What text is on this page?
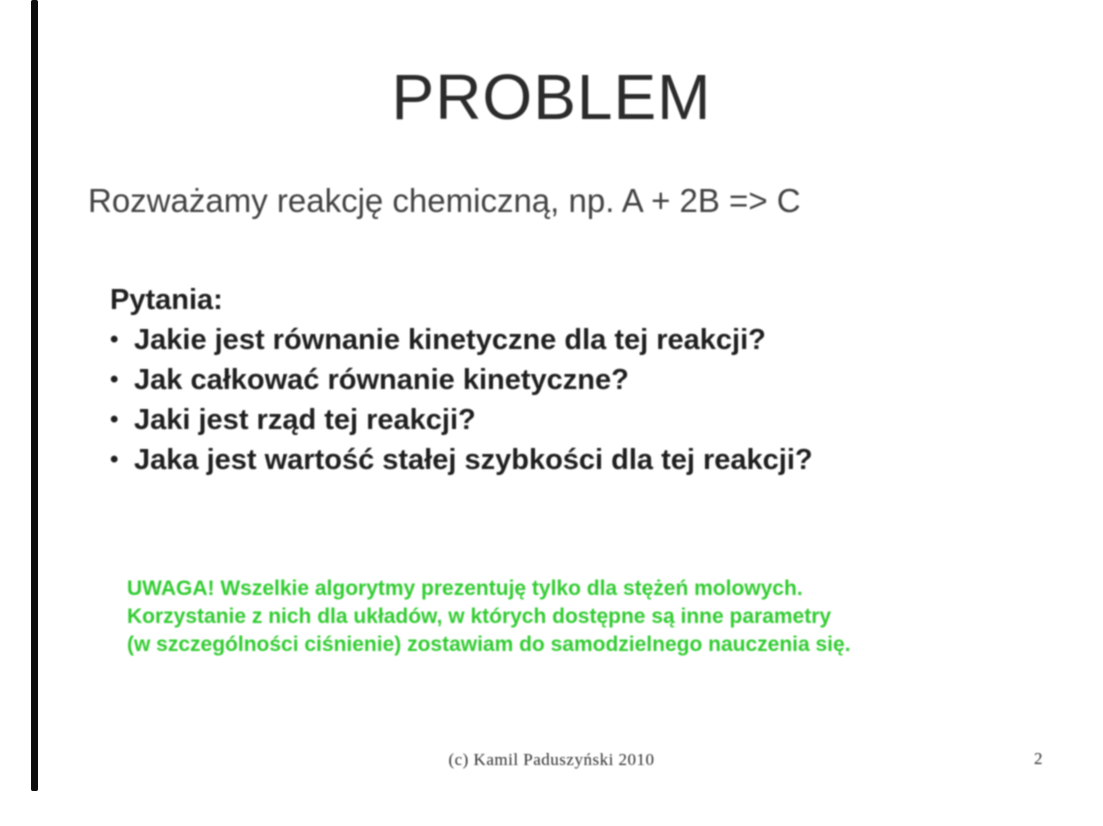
PROBLEM
Rozważamy reakcję chemiczną, np. A + 2B => C
Pytania:
• Jakie jest równanie kinetyczne dla tej reakcji?
• Jak całkować równanie kinetyczne?
• Jaki jest rząd tej reakcji?
• Jaka jest wartość stałej szybkości dla tej reakcji?
UWAGA! Wszelkie algorytmy prezentuję tylko dla stężeń molowych.
Korzystanie z nich dla układów, w których dostępne są inne parametry
(w szczególności ciśnienie) zostawiam do samodzielnego nauczenia się.
(c) Kamil Paduszyński 2010	2
